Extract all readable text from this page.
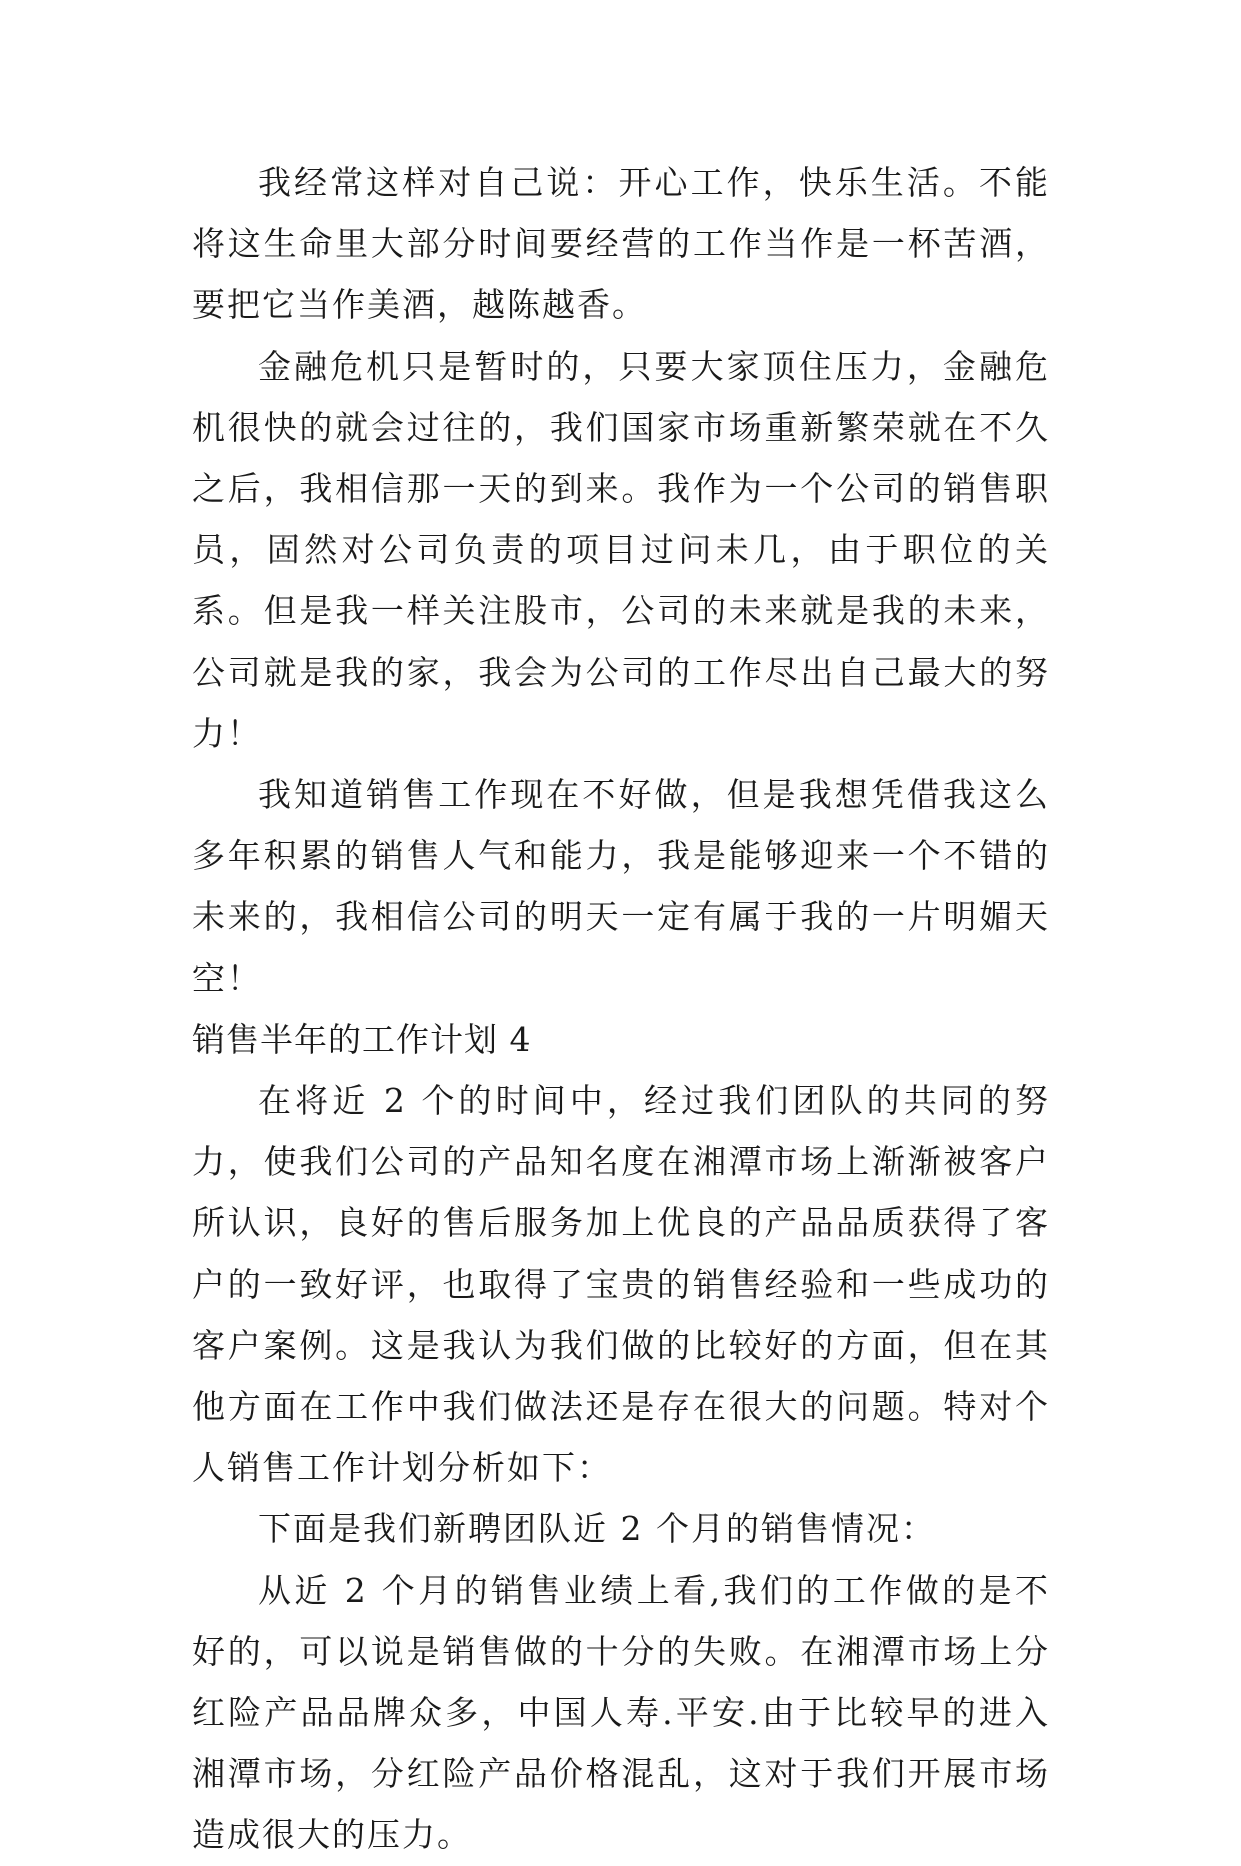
我经常这样对自己说：开心工作，快乐生活。不能将这生命里大部分时间要经营的工作当作是一杯苦酒，要把它当作美酒，越陈越香。

金融危机只是暂时的，只要大家顶住压力，金融危机很快的就会过往的，我们国家市场重新繁荣就在不久之后，我相信那一天的到来。我作为一个公司的销售职员，固然对公司负责的项目过问未几，由于职位的关系。但是我一样关注股市，公司的未来就是我的未来，公司就是我的家，我会为公司的工作尽出自己最大的努力！

我知道销售工作现在不好做，但是我想凭借我这么多年积累的销售人气和能力，我是能够迎来一个不错的未来的，我相信公司的明天一定有属于我的一片明媚天空！

销售半年的工作计划 4

在将近 2 个的时间中，经过我们团队的共同的努力，使我们公司的产品知名度在湘潭市场上渐渐被客户所认识，良好的售后服务加上优良的产品品质获得了客户的一致好评，也取得了宝贵的销售经验和一些成功的客户案例。这是我认为我们做的比较好的方面，但在其他方面在工作中我们做法还是存在很大的问题。特对个人销售工作计划分析如下：

下面是我们新聘团队近 2 个月的销售情况：

从近 2 个月的销售业绩上看,我们的工作做的是不好的，可以说是销售做的十分的失败。在湘潭市场上分红险产品品牌众多，中国人寿.平安.由于比较早的进入湘潭市场，分红险产品价格混乱，这对于我们开展市场造成很大的压力。
